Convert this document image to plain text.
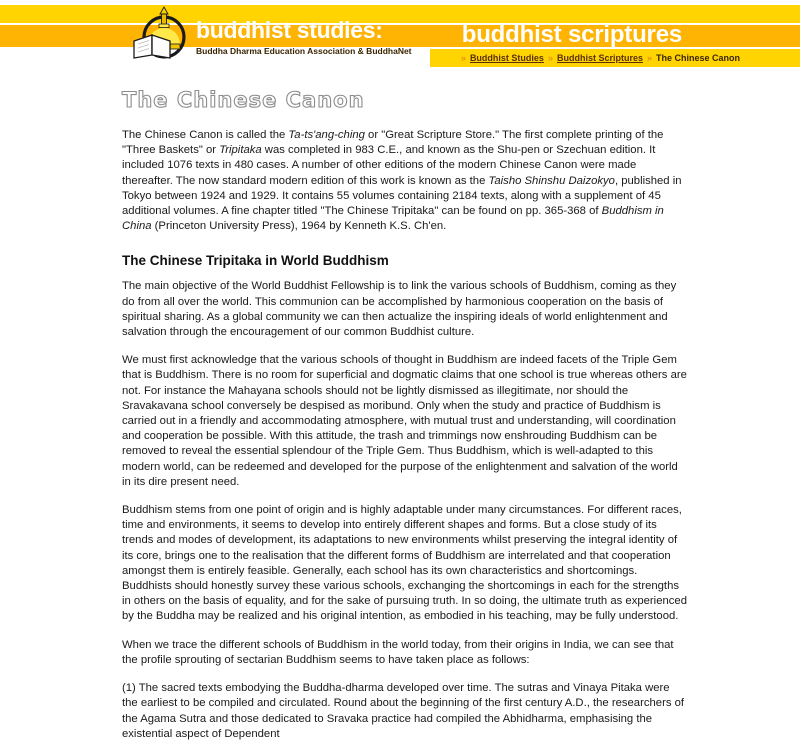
buddhist studies:
Buddha Dharma Education Association & BuddhaNet
buddhist scriptures
» Buddhist Studies » Buddhist Scriptures » The Chinese Canon
The Chinese Canon

The Chinese Canon is called the Ta-ts'ang-ching or "Great Scripture Store." The first complete printing of the "Three Baskets" or Tripitaka was completed in 983 C.E., and known as the Shu-pen or Szechuan edition. It included 1076 texts in 480 cases. A number of other editions of the modern Chinese Canon were made thereafter. The now standard modern edition of this work is known as the Taisho Shinshu Daizokyo, published in Tokyo between 1924 and 1929. It contains 55 volumes containing 2184 texts, along with a supplement of 45 additional volumes. A fine chapter titled "The Chinese Tripitaka" can be found on pp. 365-368 of Buddhism in China (Princeton University Press), 1964 by Kenneth K.S. Ch'en.

The Chinese Tripitaka in World Buddhism

The main objective of the World Buddhist Fellowship is to link the various schools of Buddhism, coming as they do from all over the world. This communion can be accomplished by harmonious cooperation on the basis of spiritual sharing. As a global community we can then actualize the inspiring ideals of world enlightenment and salvation through the encouragement of our common Buddhist culture.

We must first acknowledge that the various schools of thought in Buddhism are indeed facets of the Triple Gem that is Buddhism. There is no room for superficial and dogmatic claims that one school is true whereas others are not. For instance the Mahayana schools should not be lightly dismissed as illegitimate, nor should the Sravakavana school conversely be despised as moribund. Only when the study and practice of Buddhism is carried out in a friendly and accommodating atmosphere, with mutual trust and understanding, will coordination and cooperation be possible. With this attitude, the trash and trimmings now enshrouding Buddhism can be removed to reveal the essential splendour of the Triple Gem. Thus Buddhism, which is well-adapted to this modern world, can be redeemed and developed for the purpose of the enlightenment and salvation of the world in its dire present need.

Buddhism stems from one point of origin and is highly adaptable under many circumstances. For different races, time and environments, it seems to develop into entirely different shapes and forms. But a close study of its trends and modes of development, its adaptations to new environments whilst preserving the integral identity of its core, brings one to the realisation that the different forms of Buddhism are interrelated and that cooperation amongst them is entirely feasible. Generally, each school has its own characteristics and shortcomings. Buddhists should honestly survey these various schools, exchanging the shortcomings in each for the strengths in others on the basis of equality, and for the sake of pursuing truth. In so doing, the ultimate truth as experienced by the Buddha may be realized and his original intention, as embodied in his teaching, may be fully understood.

When we trace the different schools of Buddhism in the world today, from their origins in India, we can see that the profile sprouting of sectarian Buddhism seems to have taken place as follows:

(1) The sacred texts embodying the Buddha-dharma developed over time. The sutras and Vinaya Pitaka were the earliest to be compiled and circulated. Round about the beginning of the first century A.D., the researchers of the Agama Sutra and those dedicated to Sravaka practice had compiled the Abhidharma, emphasising the existential aspect of Dependent
